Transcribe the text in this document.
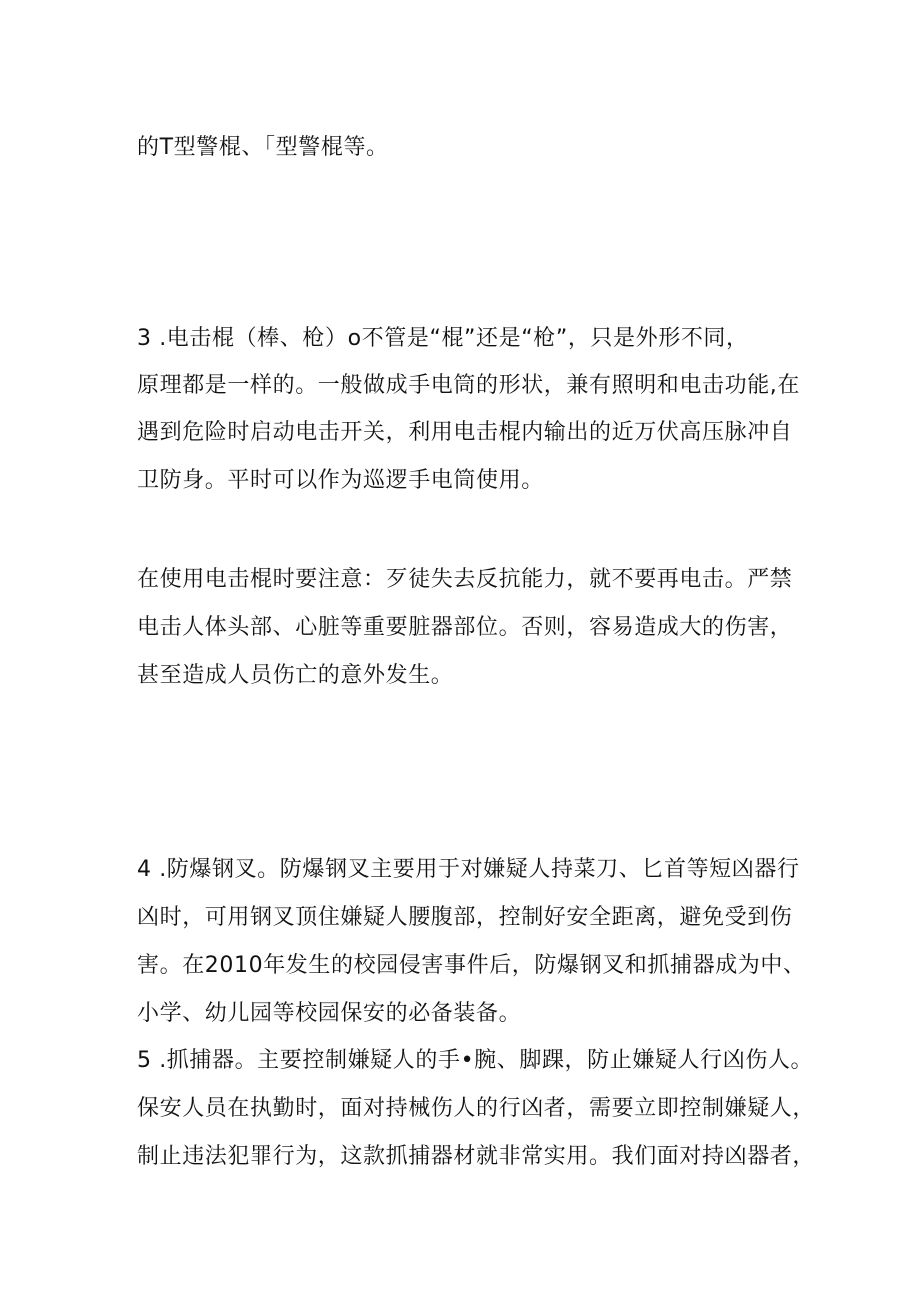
的T型警棍、「型警棍等。
3 .电击棍（棒、枪）o不管是“棍”还是“枪”，只是外形不同，
原理都是一样的。一般做成手电筒的形状，兼有照明和电击功能,在
遇到危险时启动电击开关，利用电击棍内输出的近万伏高压脉冲自
卫防身。平时可以作为巡逻手电筒使用。
在使用电击棍时要注意：歹徒失去反抗能力，就不要再电击。严禁
电击人体头部、心脏等重要脏器部位。否则，容易造成大的伤害，
甚至造成人员伤亡的意外发生。
4 .防爆钢叉。防爆钢叉主要用于对嫌疑人持菜刀、匕首等短凶器行
凶时，可用钢叉顶住嫌疑人腰腹部，控制好安全距离，避免受到伤
害。在2010年发生的校园侵害事件后，防爆钢叉和抓捕器成为中、
小学、幼儿园等校园保安的必备装备。
5 .抓捕器。主要控制嫌疑人的手•腕、脚踝，防止嫌疑人行凶伤人。
保安人员在执勤时，面对持械伤人的行凶者，需要立即控制嫌疑人，
制止违法犯罪行为，这款抓捕器材就非常实用。我们面对持凶器者，
